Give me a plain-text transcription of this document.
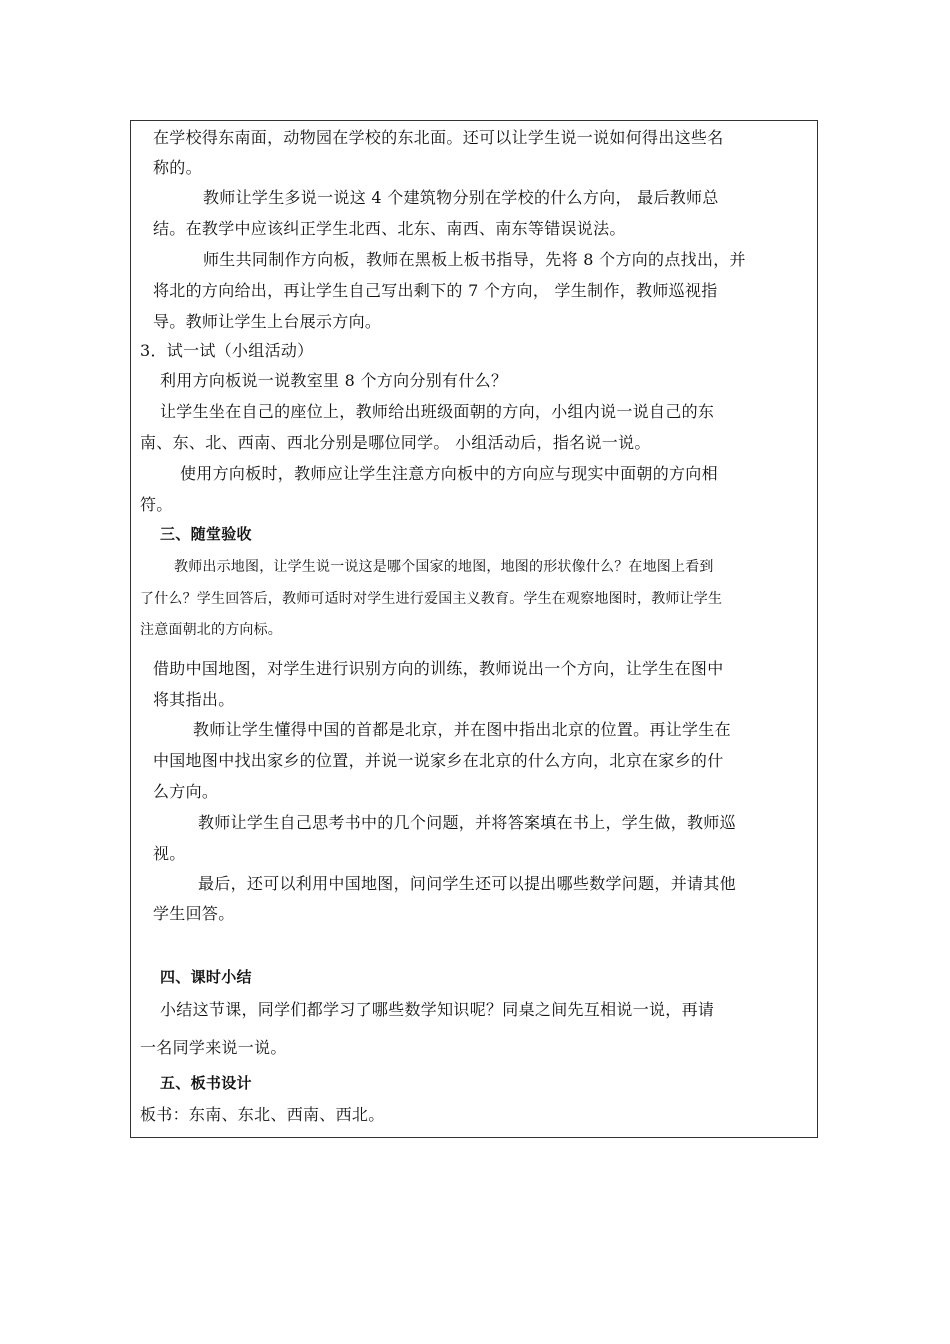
在学校得东南面，动物园在学校的东北面。还可以让学生说一说如何得出这些名
称的。
教师让学生多说一说这 4 个建筑物分别在学校的什么方向， 最后教师总
结。在教学中应该纠正学生北西、北东、南西、南东等错误说法。
师生共同制作方向板，教师在黑板上板书指导，先将 8 个方向的点找出，并
将北的方向给出，再让学生自己写出剩下的 7 个方向， 学生制作，教师巡视指
导。教师让学生上台展示方向。
3．试一试（小组活动）
利用方向板说一说教室里 8 个方向分别有什么？
让学生坐在自己的座位上，教师给出班级面朝的方向，小组内说一说自己的东
南、东、北、西南、西北分别是哪位同学。 小组活动后，指名说一说。
使用方向板时，教师应让学生注意方向板中的方向应与现实中面朝的方向相
符。
三、随堂验收
教师出示地图，让学生说一说这是哪个国家的地图，地图的形状像什么？在地图上看到
了什么？学生回答后，教师可适时对学生进行爱国主义教育。学生在观察地图时，教师让学生
注意面朝北的方向标。
借助中国地图，对学生进行识别方向的训练，教师说出一个方向，让学生在图中
将其指出。
教师让学生懂得中国的首都是北京，并在图中指出北京的位置。再让学生在
中国地图中找出家乡的位置，并说一说家乡在北京的什么方向，北京在家乡的什
么方向。
教师让学生自己思考书中的几个问题，并将答案填在书上，学生做，教师巡
视。
最后，还可以利用中国地图，问问学生还可以提出哪些数学问题，并请其他
学生回答。
四、课时小结
小结这节课，同学们都学习了哪些数学知识呢？同桌之间先互相说一说，再请
一名同学来说一说。
五、板书设计
板书：东南、东北、西南、西北。
